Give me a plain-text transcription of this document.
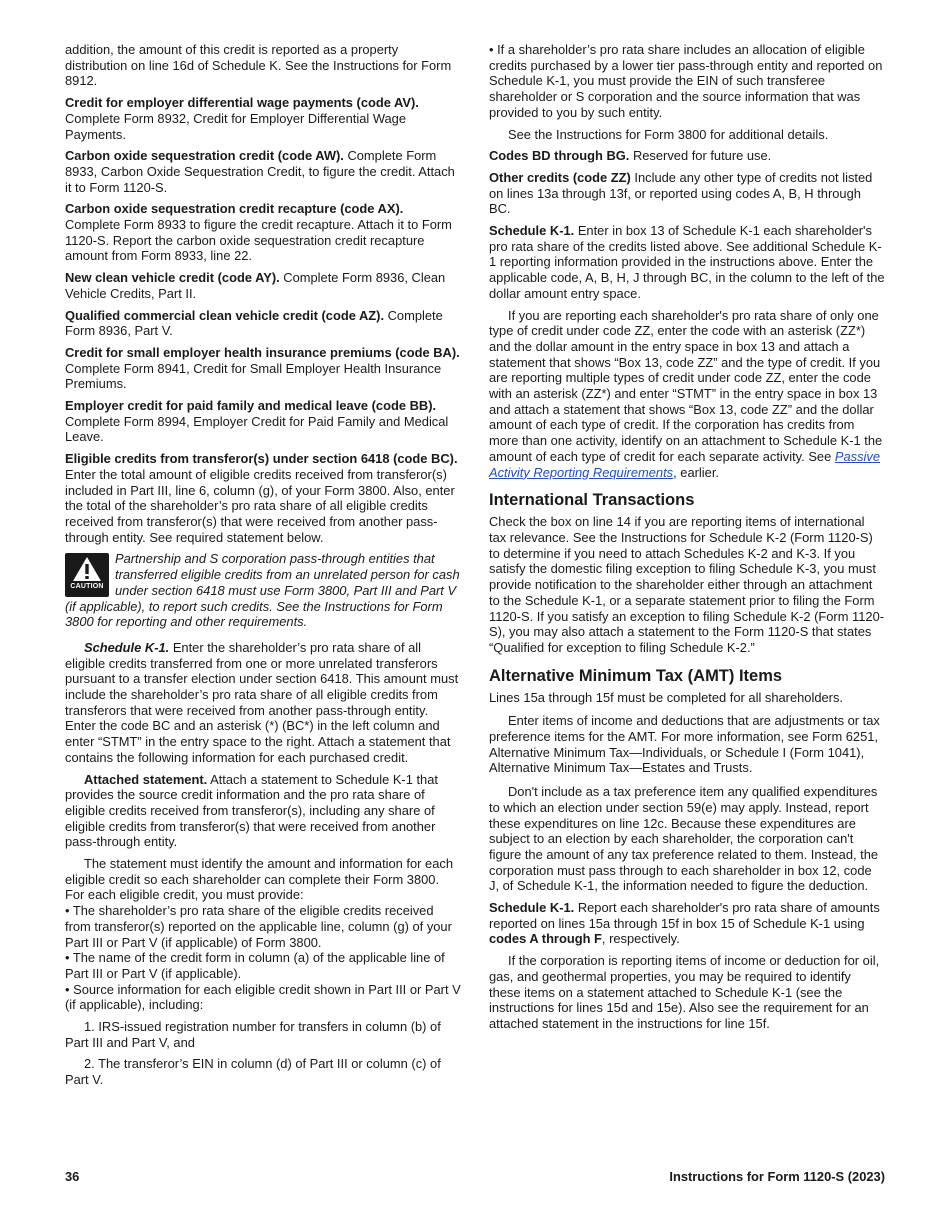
addition, the amount of this credit is reported as a property distribution on line 16d of Schedule K. See the Instructions for Form 8912.

Credit for employer differential wage payments (code AV). Complete Form 8932, Credit for Employer Differential Wage Payments.

Carbon oxide sequestration credit (code AW). Complete Form 8933, Carbon Oxide Sequestration Credit, to figure the credit. Attach it to Form 1120-S.

Carbon oxide sequestration credit recapture (code AX). Complete Form 8933 to figure the credit recapture. Attach it to Form 1120-S. Report the carbon oxide sequestration credit recapture amount from Form 8933, line 22.

New clean vehicle credit (code AY). Complete Form 8936, Clean Vehicle Credits, Part II.

Qualified commercial clean vehicle credit (code AZ). Complete Form 8936, Part V.

Credit for small employer health insurance premiums (code BA). Complete Form 8941, Credit for Small Employer Health Insurance Premiums.

Employer credit for paid family and medical leave (code BB). Complete Form 8994, Employer Credit for Paid Family and Medical Leave.

Eligible credits from transferor(s) under section 6418 (code BC). Enter the total amount of eligible credits received from transferor(s) included in Part III, line 6, column (g), of your Form 3800. Also, enter the total of the shareholder’s pro rata share of all eligible credits received from transferor(s) that were received from another pass-through entity. See required statement below.

CAUTION
Partnership and S corporation pass-through entities that transferred eligible credits from an unrelated person for cash under section 6418 must use Form 3800, Part III and Part V (if applicable), to report such credits. See the Instructions for Form 3800 for reporting and other requirements.

Schedule K-1. Enter the shareholder’s pro rata share of all eligible credits transferred from one or more unrelated transferors pursuant to a transfer election under section 6418. This amount must include the shareholder’s pro rata share of all eligible credits from transferors that were received from another pass-through entity. Enter the code BC and an asterisk (*) (BC*) in the left column and enter “STMT” in the entry space to the right. Attach a statement that contains the following information for each purchased credit.

Attached statement. Attach a statement to Schedule K-1 that provides the source credit information and the pro rata share of eligible credits received from transferor(s), including any share of eligible credits from transferor(s) that were received from another pass-through entity.

The statement must identify the amount and information for each eligible credit so each shareholder can complete their Form 3800. For each eligible credit, you must provide:

• The shareholder’s pro rata share of the eligible credits received from transferor(s) reported on the applicable line, column (g) of your Part III or Part V (if applicable) of Form 3800.

• The name of the credit form in column (a) of the applicable line of Part III or Part V (if applicable).

• Source information for each eligible credit shown in Part III or Part V (if applicable), including:

1. IRS-issued registration number for transfers in column (b) of Part III and Part V, and

2. The transferor’s EIN in column (d) of Part III or column (c) of Part V.

• If a shareholder’s pro rata share includes an allocation of eligible credits purchased by a lower tier pass-through entity and reported on Schedule K-1, you must provide the EIN of such transferee shareholder or S corporation and the source information that was provided to you by such entity.

See the Instructions for Form 3800 for additional details.

Codes BD through BG. Reserved for future use.

Other credits (code ZZ) Include any other type of credits not listed on lines 13a through 13f, or reported using codes A, B, H through BC.

Schedule K-1. Enter in box 13 of Schedule K-1 each shareholder's pro rata share of the credits listed above. See additional Schedule K-1 reporting information provided in the instructions above. Enter the applicable code, A, B, H, J through BC, in the column to the left of the dollar amount entry space.

If you are reporting each shareholder's pro rata share of only one type of credit under code ZZ, enter the code with an asterisk (ZZ*) and the dollar amount in the entry space in box 13 and attach a statement that shows “Box 13, code ZZ” and the type of credit. If you are reporting multiple types of credit under code ZZ, enter the code with an asterisk (ZZ*) and enter “STMT” in the entry space in box 13 and attach a statement that shows “Box 13, code ZZ” and the dollar amount of each type of credit. If the corporation has credits from more than one activity, identify on an attachment to Schedule K-1 the amount of each type of credit for each separate activity. See Passive Activity Reporting Requirements, earlier.

International Transactions

Check the box on line 14 if you are reporting items of international tax relevance. See the Instructions for Schedule K-2 (Form 1120-S) to determine if you need to attach Schedules K-2 and K-3. If you satisfy the domestic filing exception to filing Schedule K-3, you must provide notification to the shareholder either through an attachment to the Schedule K-1, or a separate statement prior to filing the Form 1120-S. If you satisfy an exception to filing Schedule K-2 (Form 1120-S), you may also attach a statement to the Form 1120-S that states “Qualified for exception to filing Schedule K-2.”

Alternative Minimum Tax (AMT) Items

Lines 15a through 15f must be completed for all shareholders.

Enter items of income and deductions that are adjustments or tax preference items for the AMT. For more information, see Form 6251, Alternative Minimum Tax—Individuals, or Schedule I (Form 1041), Alternative Minimum Tax—Estates and Trusts.

Don't include as a tax preference item any qualified expenditures to which an election under section 59(e) may apply. Instead, report these expenditures on line 12c. Because these expenditures are subject to an election by each shareholder, the corporation can't figure the amount of any tax preference related to them. Instead, the corporation must pass through to each shareholder in box 12, code J, of Schedule K-1, the information needed to figure the deduction.

Schedule K-1. Report each shareholder's pro rata share of amounts reported on lines 15a through 15f in box 15 of Schedule K-1 using codes A through F, respectively.

If the corporation is reporting items of income or deduction for oil, gas, and geothermal properties, you may be required to identify these items on a statement attached to Schedule K-1 (see the instructions for lines 15d and 15e). Also see the requirement for an attached statement in the instructions for line 15f.

36	Instructions for Form 1120-S (2023)
